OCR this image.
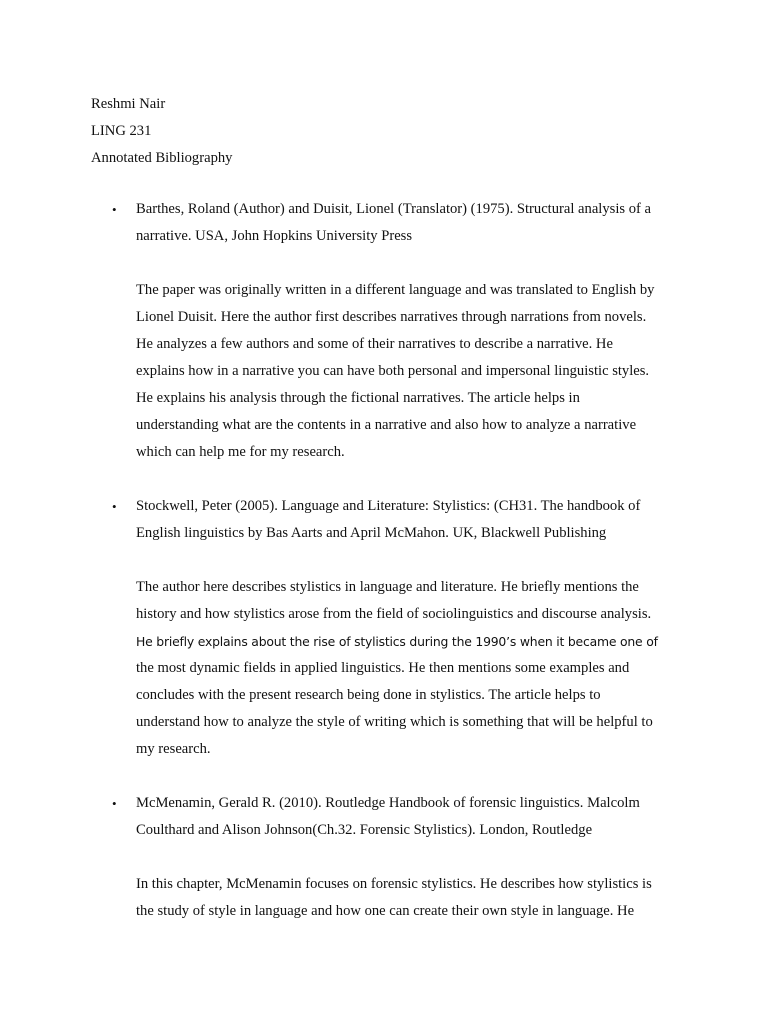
Reshmi Nair
LING 231
Annotated Bibliography
• Barthes, Roland (Author) and Duisit, Lionel (Translator) (1975). Structural analysis of a
narrative. USA, John Hopkins University Press
The paper was originally written in a different language and was translated to English by
Lionel Duisit. Here the author first describes narratives through narrations from novels.
He analyzes a few authors and some of their narratives to describe a narrative. He
explains how in a narrative you can have both personal and impersonal linguistic styles.
He explains his analysis through the fictional narratives. The article helps in
understanding what are the contents in a narrative and also how to analyze a narrative
which can help me for my research.
• Stockwell, Peter (2005). Language and Literature: Stylistics: (CH31. The handbook of
English linguistics by Bas Aarts and April McMahon. UK, Blackwell Publishing
The author here describes stylistics in language and literature. He briefly mentions the
history and how stylistics arose from the field of sociolinguistics and discourse analysis.
He briefly explains about the rise of stylistics during the 1990’s when it became one of
the most dynamic fields in applied linguistics. He then mentions some examples and
concludes with the present research being done in stylistics. The article helps to
understand how to analyze the style of writing which is something that will be helpful to
my research.
• McMenamin, Gerald R. (2010). Routledge Handbook of forensic linguistics. Malcolm
Coulthard and Alison Johnson(Ch.32. Forensic Stylistics). London, Routledge
In this chapter, McMenamin focuses on forensic stylistics. He describes how stylistics is
the study of style in language and how one can create their own style in language. He
